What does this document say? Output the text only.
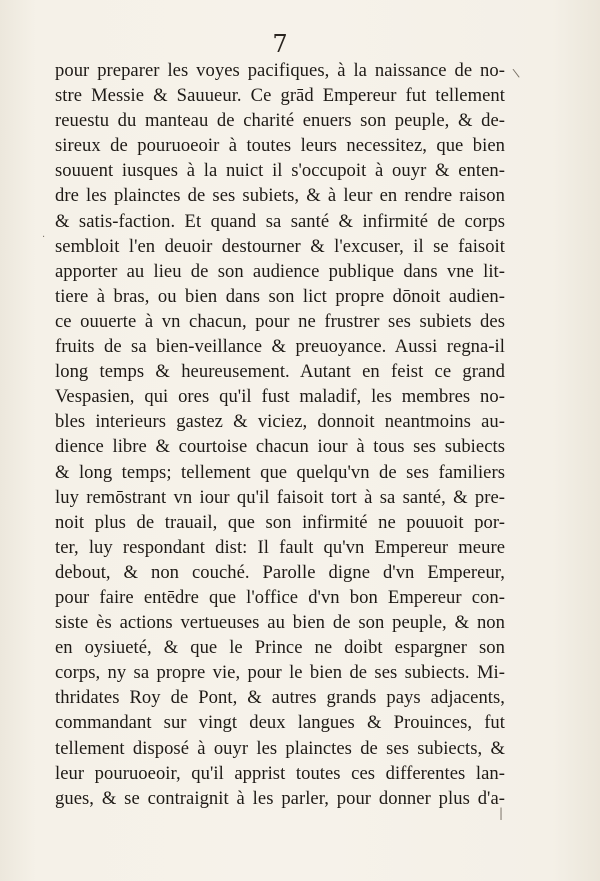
7
pour preparer les voyes pacifiques, à la naissance de no-
stre Messie & Sauueur. Ce grād Empereur fut tellement
reuestu du manteau de charité enuers son peuple, & de-
sireux de pouruoeoir à toutes leurs necessitez, que bien
souuent iusques à la nuict il s'occupoit à ouyr & enten-
dre les plainctes de ses subiets, & à leur en rendre raison
& satis-faction. Et quand sa santé & infirmité de corps
sembloit l'en deuoir destourner & l'excuser, il se faisoit
apporter au lieu de son audience publique dans vne lit-
tiere à bras, ou bien dans son lict propre dōnoit audien-
ce ouuerte à vn chacun, pour ne frustrer ses subiets des
fruits de sa bien-veillance & preuoyance. Aussi regna-il
long temps & heureusement. Autant en feist ce grand
Vespasien, qui ores qu'il fust maladif, les membres no-
bles interieurs gastez & viciez, donnoit neantmoins au-
dience libre & courtoise chacun iour à tous ses subiects
& long temps; tellement que quelqu'vn de ses familiers
luy remōstrant vn iour qu'il faisoit tort à sa santé, & pre-
noit plus de trauail, que son infirmité ne pouuoit por-
ter, luy respondant dist: Il fault qu'vn Empereur meure
debout, & non couché. Parolle digne d'vn Empereur,
pour faire entēdre que l'office d'vn bon Empereur con-
siste ès actions vertueuses au bien de son peuple, & non
en oysiueté, & que le Prince ne doibt espargner son
corps, ny sa propre vie, pour le bien de ses subiects. Mi-
thridates Roy de Pont, & autres grands pays adjacents,
commandant sur vingt deux langues & Prouinces, fut
tellement disposé à ouyr les plainctes de ses subiects, &
leur pouruoeoir, qu'il apprist toutes ces differentes lan-
gues, & se contraignit à les parler, pour donner plus d'a-
\
·
|
